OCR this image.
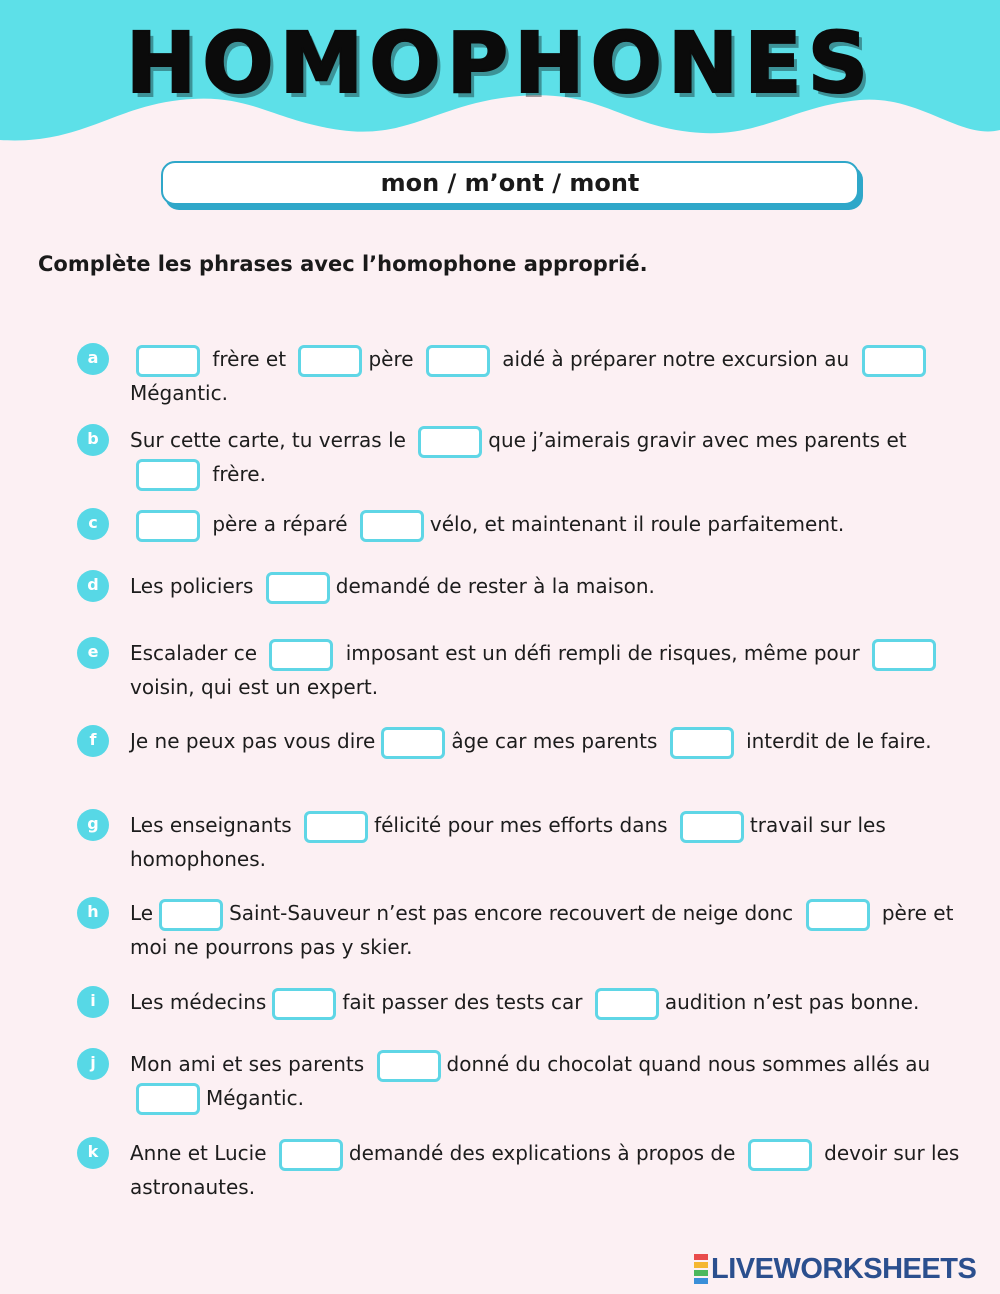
HOMOPHONES
mon / m’ont / mont
Complète les phrases avec l’homophone approprié.
a	frère et	père	aidé à préparer notre excursion au  Mégantic.
b	Sur cette carte, tu verras le	que j’aimerais gravir avec mes parents et frère.
c	père a réparé	vélo, et maintenant il roule parfaitement.
d	Les policiers	demandé de rester à la maison.
e	Escalader ce	imposant est un défi rempli de risques, même pour voisin, qui est un expert.
f	Je ne peux pas vous dire	âge car mes parents	interdit de le faire.
g	Les enseignants	félicité pour mes efforts dans	travail sur les homophones.
h	Le	Saint-Sauveur n’est pas encore recouvert de neige donc	père et moi ne pourrons pas y skier.
i	Les médecins	fait passer des tests car	audition n’est pas bonne.
j	Mon ami et ses parents	donné du chocolat quand nous sommes allés auMégantic.
k	Anne et Lucie	demandé des explications à propos de	devoir sur les astronautes.
LIVEWORKSHEETS
